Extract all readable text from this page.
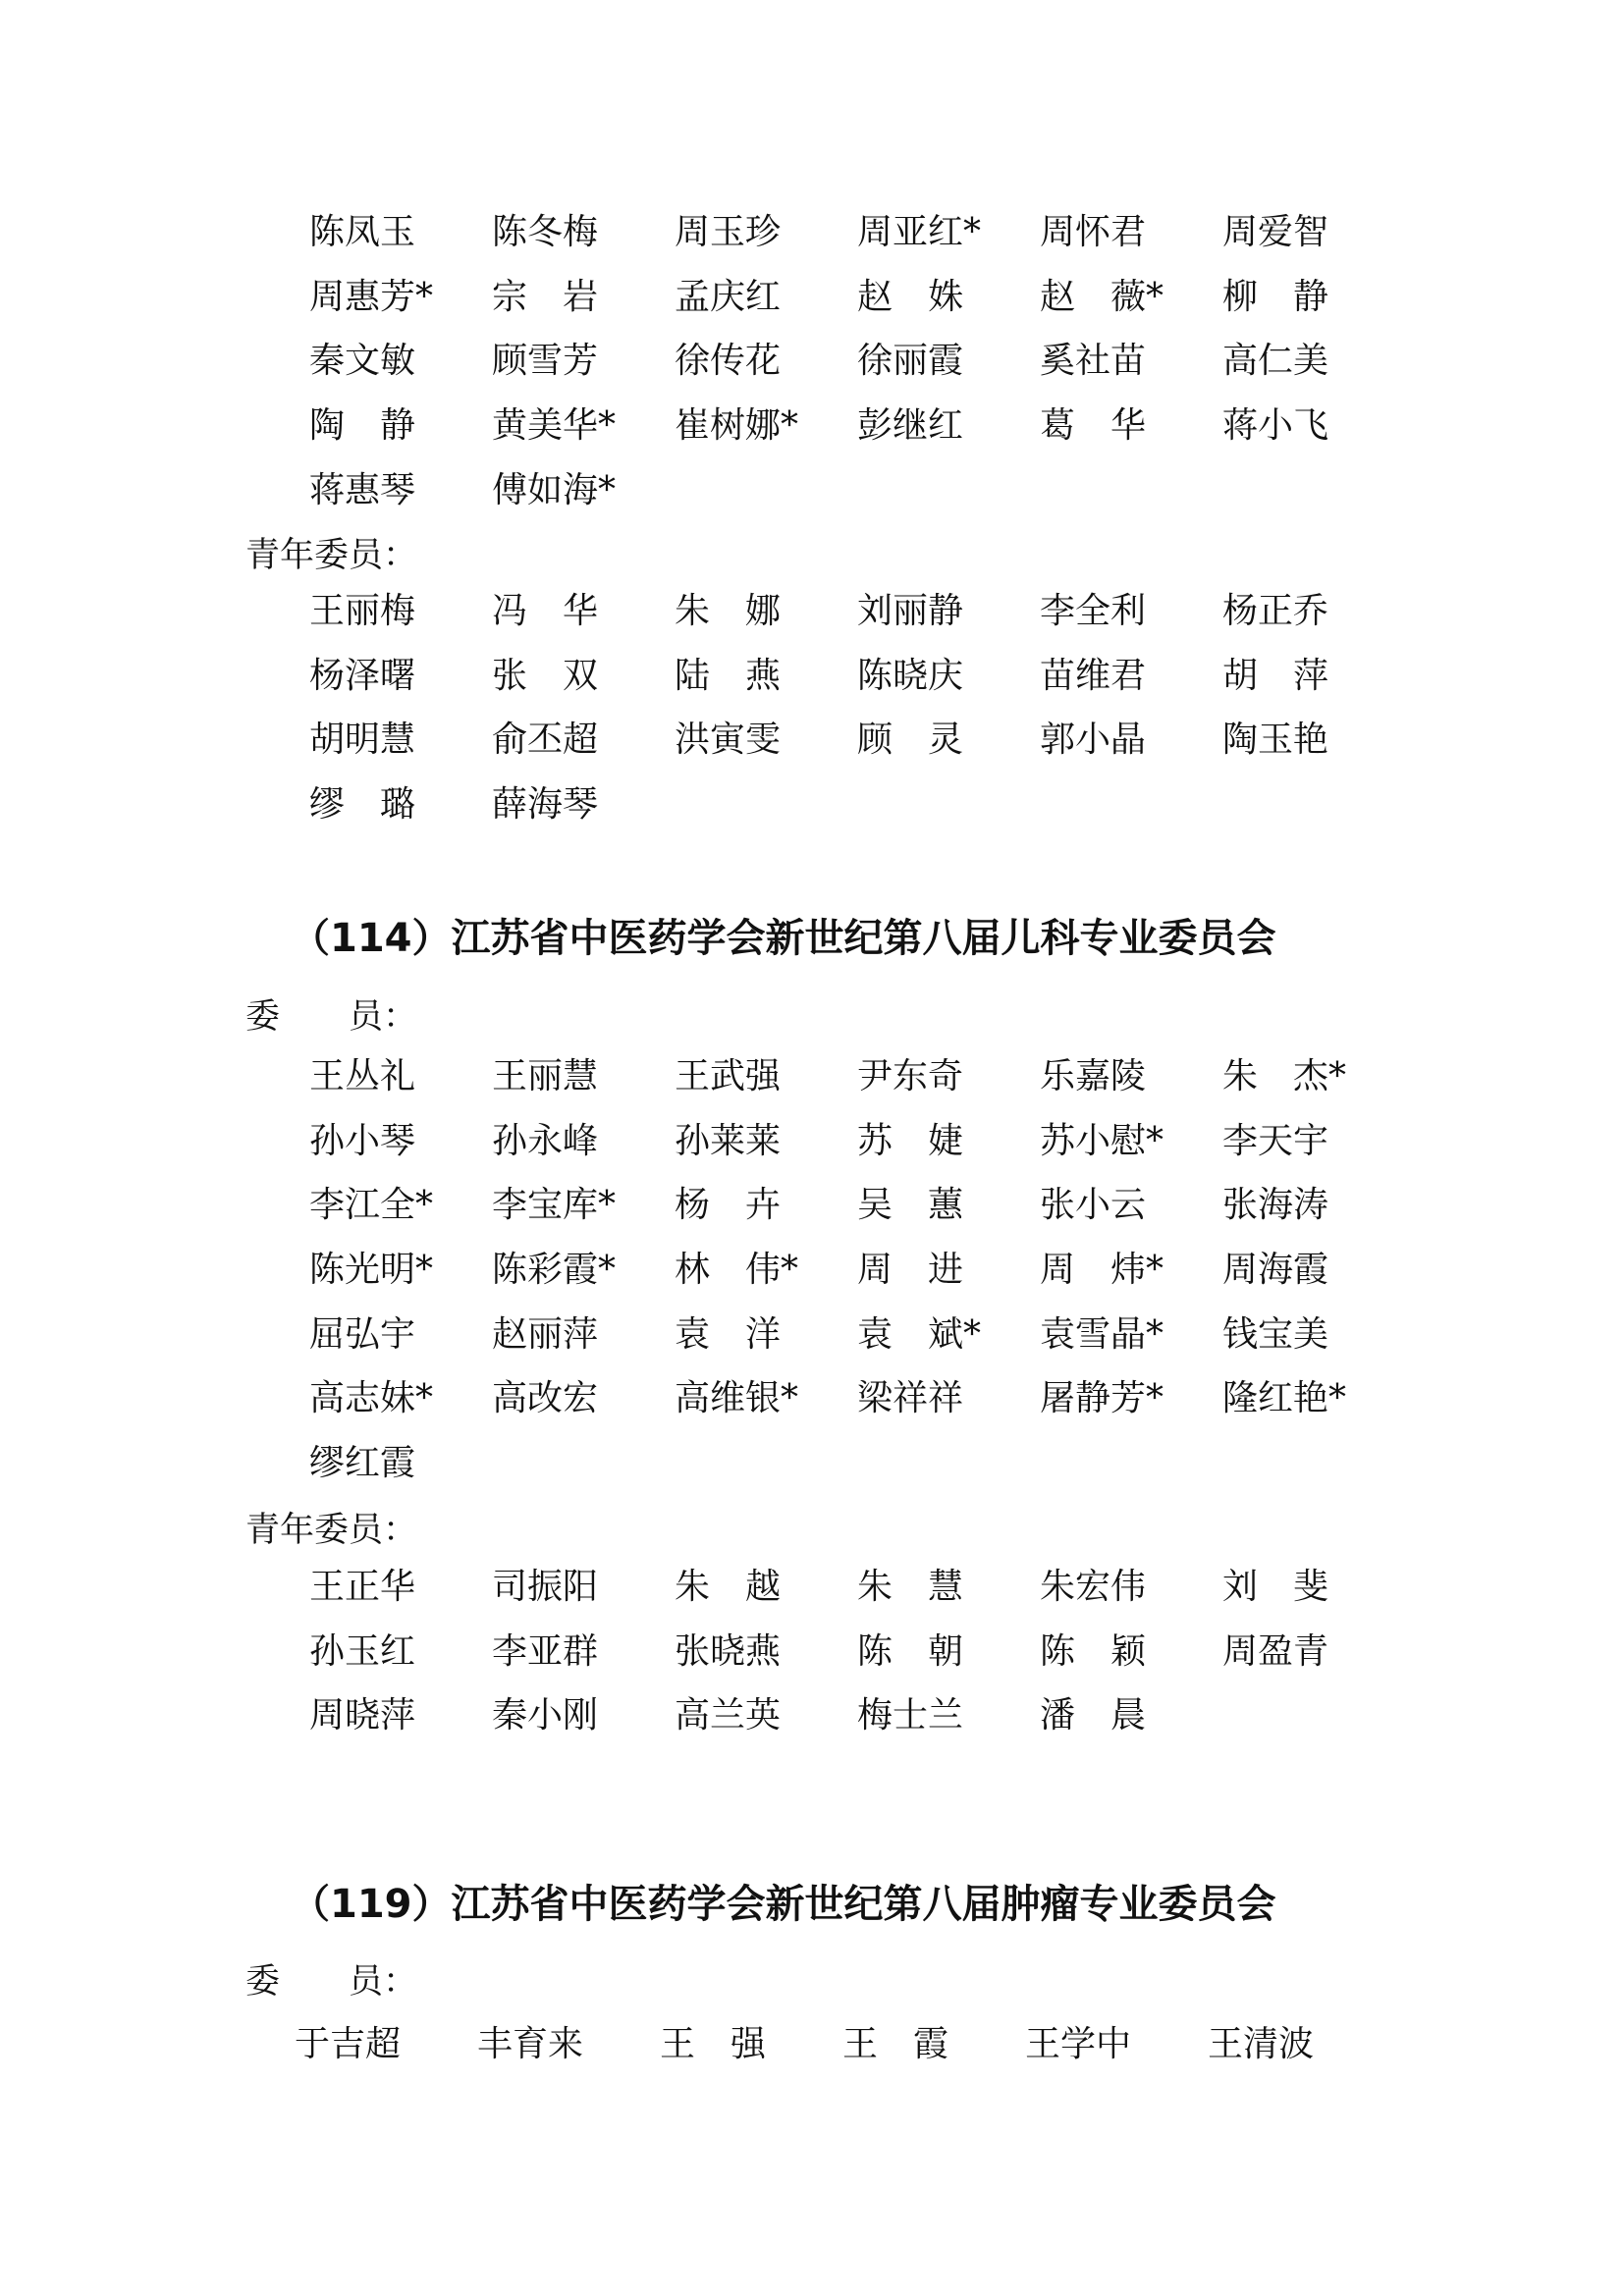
陈凤玉	陈冬梅	周玉珍	周亚红*	周怀君	周爱智
周惠芳*	宗　岩	孟庆红	赵　姝	赵　薇*	柳　静
秦文敏	顾雪芳	徐传花	徐丽霞	奚社苗	高仁美
陶　静	黄美华*	崔树娜*	彭继红	葛　华	蒋小飞
蒋惠琴	傅如海*
青年委员：
王丽梅	冯　华	朱　娜	刘丽静	李全利	杨正乔
杨泽曙	张　双	陆　燕	陈晓庆	苗维君	胡　萍
胡明慧	俞丕超	洪寅雯	顾　灵	郭小晶	陶玉艳
缪　璐	薛海琴
（114）江苏省中医药学会新世纪第八届儿科专业委员会
委　　员：
王丛礼	王丽慧	王武强	尹东奇	乐嘉陵	朱　杰*
孙小琴	孙永峰	孙莱莱	苏　婕	苏小慰*	李天宇
李江全*	李宝库*	杨　卉	吴　蕙	张小云	张海涛
陈光明*	陈彩霞*	林　伟*	周　进	周　炜*	周海霞
屈弘宇	赵丽萍	袁　洋	袁　斌*	袁雪晶*	钱宝美
高志妹*	高改宏	高维银*	梁祥祥	屠静芳*	隆红艳*
缪红霞
青年委员：
王正华	司振阳	朱　越	朱　慧	朱宏伟	刘　斐
孙玉红	李亚群	张晓燕	陈　朝	陈　颖	周盈青
周晓萍	秦小刚	高兰英	梅士兰	潘　晨
（119）江苏省中医药学会新世纪第八届肿瘤专业委员会
委　　员：
于吉超	丰育来	王　强	王　霞	王学中	王清波
